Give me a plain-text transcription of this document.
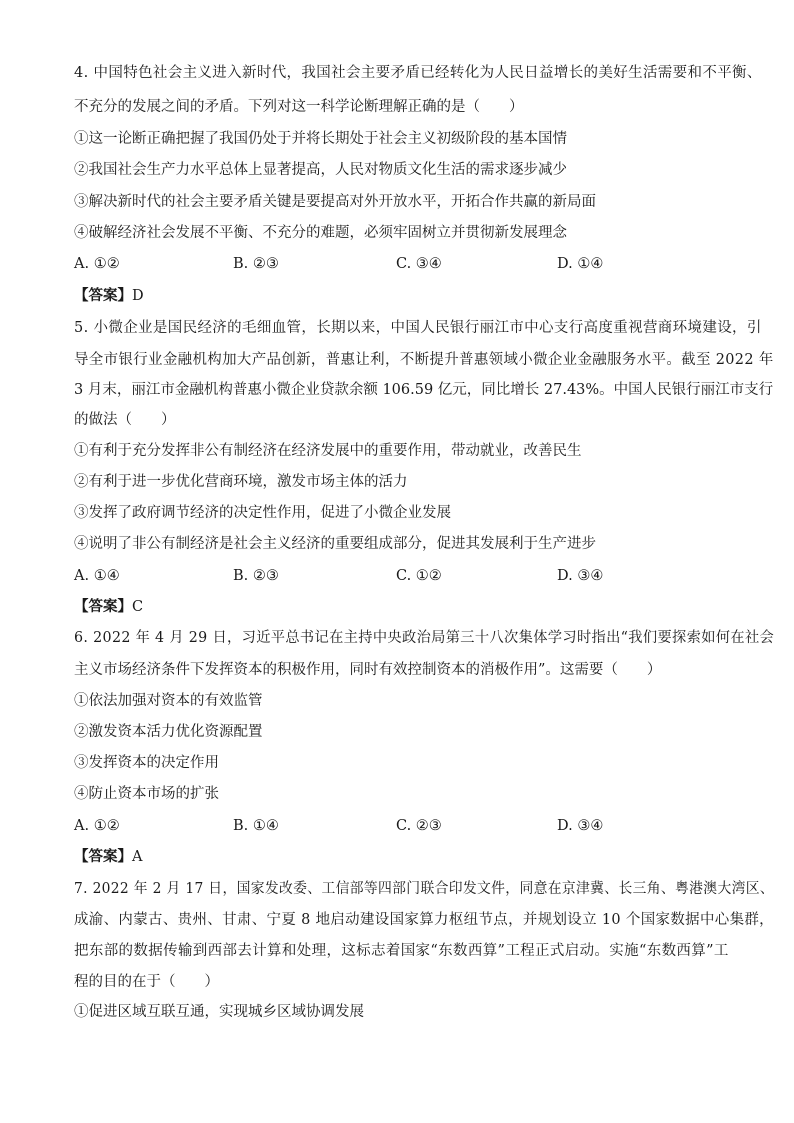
4. 中国特色社会主义进入新时代，我国社会主要矛盾已经转化为人民日益增长的美好生活需要和不平衡、
不充分的发展之间的矛盾。下列对这一科学论断理解正确的是（　　）
①这一论断正确把握了我国仍处于并将长期处于社会主义初级阶段的基本国情
②我国社会生产力水平总体上显著提高，人民对物质文化生活的需求逐步减少
③解决新时代的社会主要矛盾关键是要提高对外开放水平，开拓合作共赢的新局面
④破解经济社会发展不平衡、不充分的难题，必须牢固树立并贯彻新发展理念
A. ①②	B. ②③	C. ③④	D. ①④
【答案】D
5. 小微企业是国民经济的毛细血管，长期以来，中国人民银行丽江市中心支行高度重视营商环境建设，引
导全市银行业金融机构加大产品创新，普惠让利，不断提升普惠领域小微企业金融服务水平。截至 2022 年
3 月末，丽江市金融机构普惠小微企业贷款余额 106.59 亿元，同比增长 27.43%。中国人民银行丽江市支行
的做法（　　）
①有利于充分发挥非公有制经济在经济发展中的重要作用，带动就业，改善民生
②有利于进一步优化营商环境，激发市场主体的活力
③发挥了政府调节经济的决定性作用，促进了小微企业发展
④说明了非公有制经济是社会主义经济的重要组成部分，促进其发展利于生产进步
A. ①④	B. ②③	C. ①②	D. ③④
【答案】C
6. 2022 年 4 月 29 日，习近平总书记在主持中央政治局第三十八次集体学习时指出“我们要探索如何在社会
主义市场经济条件下发挥资本的积极作用，同时有效控制资本的消极作用”。这需要（　　）
①依法加强对资本的有效监管
②激发资本活力优化资源配置
③发挥资本的决定作用
④防止资本市场的扩张
A. ①②	B. ①④	C. ②③	D. ③④
【答案】A
7. 2022 年 2 月 17 日，国家发改委、工信部等四部门联合印发文件，同意在京津冀、长三角、粤港澳大湾区、
成渝、内蒙古、贵州、甘肃、宁夏 8 地启动建设国家算力枢纽节点，并规划设立 10 个国家数据中心集群，
把东部的数据传输到西部去计算和处理，这标志着国家“东数西算”工程正式启动。实施“东数西算”工
程的目的在于（　　）
①促进区域互联互通，实现城乡区域协调发展
